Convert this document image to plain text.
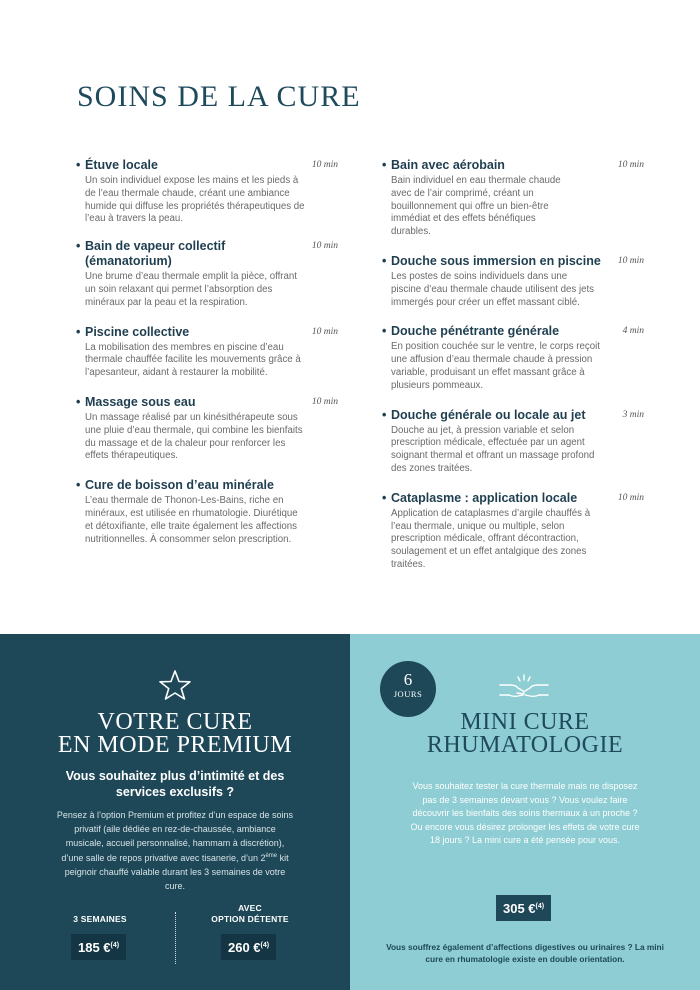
SOINS DE LA CURE
• Étuve locale	10 min
Un soin individuel expose les mains et les pieds à de l’eau thermale chaude, créant une ambiance humide qui diffuse les propriétés thérapeutiques de l’eau à travers la peau.
• Bain de vapeur collectif (émanatorium)
10 min
Une brume d’eau thermale emplit la pièce, offrant un soin relaxant qui permet l’absorption des minéraux par la peau et la respiration.
• Piscine collective	10 min
La mobilisation des membres en piscine d’eau thermale chauffée facilite les mouvements grâce à l’apesanteur, aidant à restaurer la mobilité.
• Massage sous eau	10 min
Un massage réalisé par un kinésithérapeute sous une pluie d’eau thermale, qui combine les bienfaits du massage et de la chaleur pour renforcer les effets thérapeutiques.
• Cure de boisson d’eau minérale
L’eau thermale de Thonon-Les-Bains, riche en minéraux, est utilisée en rhumatologie. Diurétique et détoxifiante, elle traite également les affections nutritionnelles. À consommer selon prescription.
• Bain avec aérobain	10 min
Bain individuel en eau thermale chaude avec de l’air comprimé, créant un bouillonnement qui offre un bien-être immédiat et des effets bénéfiques durables.
• Douche sous immersion en piscine 10 min
Les postes de soins individuels dans une piscine d’eau thermale chaude utilisent des jets immergés pour créer un effet massant ciblé.
• Douche pénétrante générale	4 min
En position couchée sur le ventre, le corps reçoit une affusion d’eau thermale chaude à pression variable, produisant un effet massant grâce à plusieurs pommeaux.
• Douche générale ou locale au jet	3 min
Douche au jet, à pression variable et selon prescription médicale, effectuée par un agent soignant thermal et offrant un massage profond des zones traitées.
• Cataplasme : application locale	10 min
Application de cataplasmes d’argile chauffés à l’eau thermale, unique ou multiple, selon prescription médicale, offrant décontraction, soulagement et un effet antalgique des zones traitées.
VOTRE CURE
EN MODE PREMIUM
Vous souhaitez plus d’intimité et des services exclusifs ?
Pensez à l’option Premium et profitez d’un espace de soins privatif (aile dédiée en rez-de-chaussée, ambiance musicale, accueil personnalisé, hammam à discrétion), d’une salle de repos privative avec tisanerie, d’un 2ème kit peignoir chauffé valable durant les 3 semaines de votre cure.
3 SEMAINES
AVEC
OPTION DÉTENTE
185 €$^{(4)}$	260 €$^{(4)}$
6
JOURS
MINI CURE
RHUMATOLOGIE
Vous souhaitez tester la cure thermale mais ne disposez pas de 3 semaines devant vous ? Vous voulez faire découvrir les bienfaits des soins thermaux à un proche ? Ou encore vous désirez prolonger les effets de votre cure 18 jours ? La mini cure a été pensée pour vous.
305 €$^{(4)}$
Vous souffrez également d’affections digestives ou urinaires ? La mini cure en rhumatologie existe en double orientation.
